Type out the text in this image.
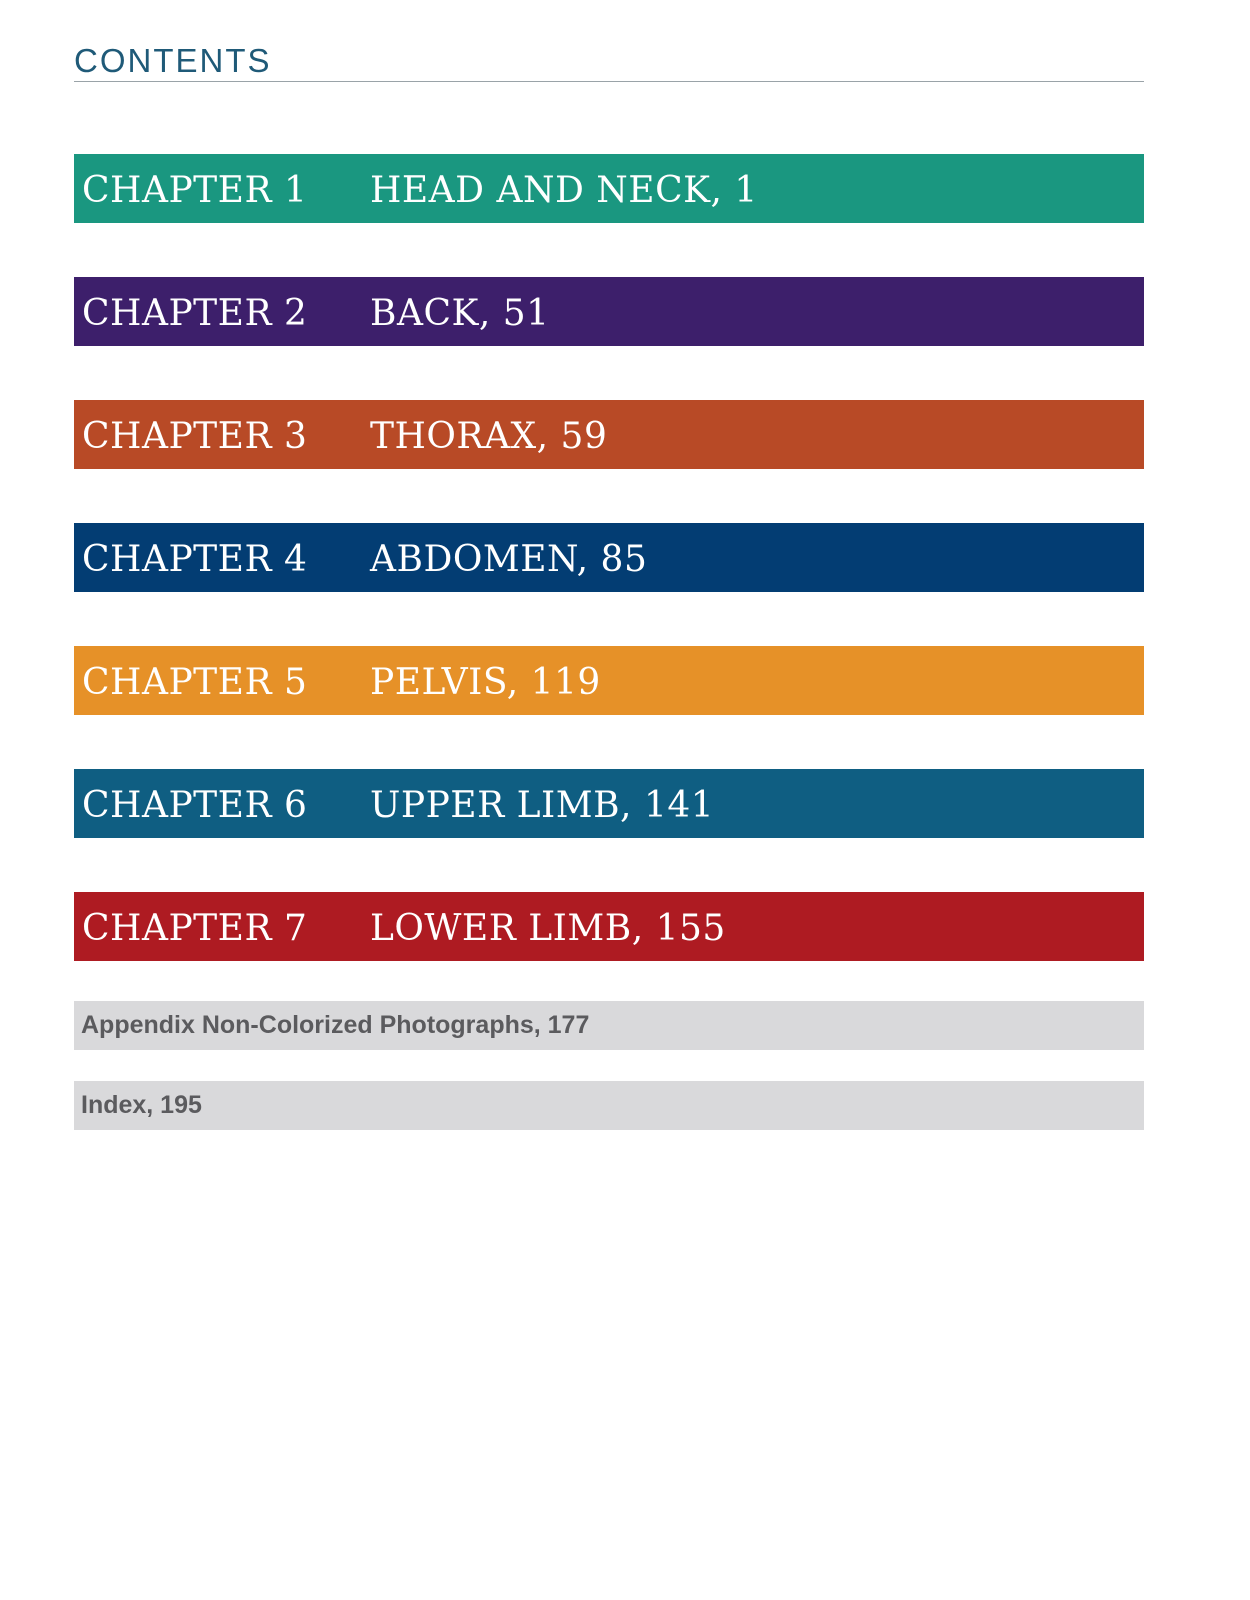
CONTENTS
CHAPTER 1 HEAD AND NECK, 1
CHAPTER 2 BACK, 51
CHAPTER 3 THORAX, 59
CHAPTER 4 ABDOMEN, 85
CHAPTER 5 PELVIS, 119
CHAPTER 6 UPPER LIMB, 141
CHAPTER 7 LOWER LIMB, 155
Appendix Non-Colorized Photographs, 177
Index, 195
